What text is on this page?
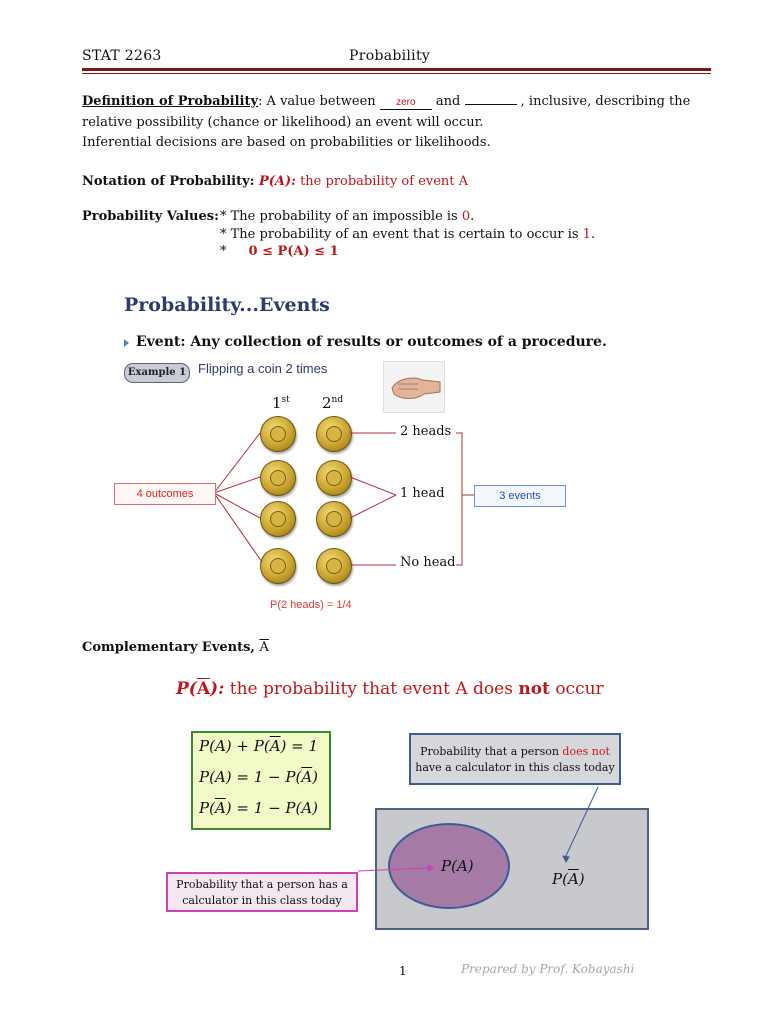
STAT 2263	Probability
Definition of Probability: A value between zero and	, inclusive, describing the
relative possibility (chance or likelihood) an event will occur.
Inferential decisions are based on probabilities or likelihoods.
Notation of Probability: P(A): the probability of event A
Probability Values: * The probability of an impossible is 0.
* The probability of an event that is certain to occur is 1.
* 0 ≤ P(A) ≤ 1
Probability...Events
Event: Any collection of results or outcomes of a procedure.
Example 1 Flipping a coin 2 times
1st 2nd
4 outcomes	3 events
2 heads
1 head
No head
P(2 heads) = 1/4
Complementary Events, $\overline{A}$
$P(\overline{A})$: the probability that event A does not occur
$P(A) + P(\overline{A}) = 1$
$P(A) = 1 - P(\overline{A})$
$P(\overline{A}) = 1 - P(A)$
P(A)
$P(\overline{A})$
Probability that a person does not
have a calculator in this class today
Probability that a person has a calculator in this class today
1	Prepared by Prof. Kobayashi
